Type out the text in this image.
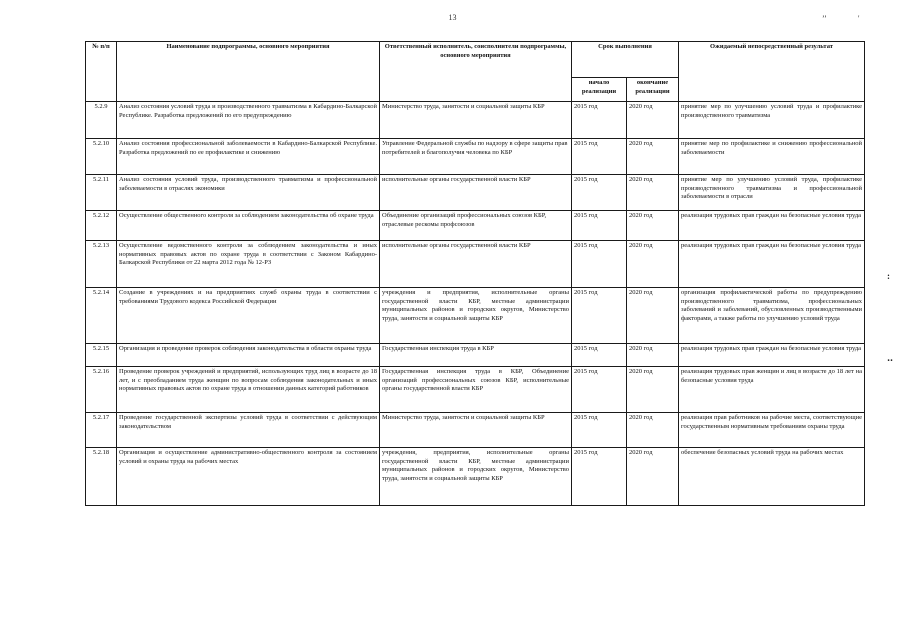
13	’’	'
:
‥
№ п/п	Наименование подпрограммы, основного мероприятия	Ответственный исполнитель, соисполнители подпрограммы, основного мероприятия	Срок выполнения		Ожидаемый непосредственный результат
			начало реализации	окончание реализации	
5.2.9	Анализ состояния условий труда и производственного травматизма в Кабардино-Балкарской Республике. Разработка предложений по его предупреждению	Министерство труда, занятости и социальной защиты КБР	2015 год	2020 год	принятие мер по улучшению условий труда и профилактике производственного травматизма
5.2.10	Анализ состояния профессиональной заболеваемости в Кабардино-Балкарской Республике. Разработка предложений по ее профилактике и снижению	Управление Федеральной службы по надзору в сфере защиты прав потребителей и благополучия человека по КБР	2015 год	2020 год	принятие мер по профилактике и снижению профессиональной заболеваемости
5.2.11	Анализ состояния условий труда, производственного травматизма и профессиональной заболеваемости в отраслях экономики	исполнительные органы государственной власти КБР	2015 год	2020 год	принятие мер по улучшению условий труда, профилактике производственного травматизма и профессиональной заболеваемости в отрасли
5.2.12	Осуществление общественного контроля за соблюдением законодательства об охране труда	Объединение организаций профессиональных союзов КБР, отраслевые рескомы профсоюзов	2015 год	2020 год	реализация трудовых прав граждан на безопасные условия труда
5.2.13	Осуществление ведомственного контроля за соблюдением законодательства и иных нормативных правовых актов по охране труда в соответствии с Законом Кабардино-Балкарской Республики от 22 марта 2012 года № 12-РЗ	исполнительные органы государственной власти КБР	2015 год	2020 год	реализация трудовых прав граждан на безопасные условия труда
5.2.14	Создание в учреждениях и на предприятиях служб охраны труда в соответствии с требованиями Трудового кодекса Российской Федерации	учреждения и предприятия, исполнительные органы государственной власти КБР, местные администрации муниципальных районов и городских округов, Министерство труда, занятости и социальной защиты КБР	2015 год	2020 год	организация профилактической работы по предупреждению производственного травматизма, профессиональных заболеваний и заболеваний, обусловленных производственными факторами, а также работы по улучшению условий труда
5.2.15	Организация и проведение проверок соблюдения законодательства в области охраны труда	Государственная инспекция труда в КБР	2015 год	2020 год	реализация трудовых прав граждан на безопасные условия труда
5.2.16	Проведение проверок учреждений и предприятий, использующих труд лиц в возрасте до 18 лет, и с преобладанием труда женщин по вопросам соблюдения законодательных и иных нормативных правовых актов по охране труда в отношении данных категорий работников	Государственная инспекция труда в КБР, Объединение организаций профессиональных союзов КБР, исполнительные органы государственной власти КБР	2015 год	2020 год	реализация трудовых прав женщин и лиц в возрасте до 18 лет на безопасные условия труда
5.2.17	Проведение государственной экспертизы условий труда в соответствии с действующим законодательством	Министерство труда, занятости и социальной защиты КБР	2015 год	2020 год	реализация прав работников на рабочие места, соответствующие государственным нормативным требованиям охраны труда
5.2.18	Организация и осуществление административно-общественного контроля за состоянием условий и охраны труда на рабочих местах	учреждения, предприятия, исполнительные органы государственной власти КБР, местные администрации муниципальных районов и городских округов, Министерство труда, занятости и социальной защиты КБР	2015 год	2020 год	обеспечение безопасных условий труда на рабочих местах
